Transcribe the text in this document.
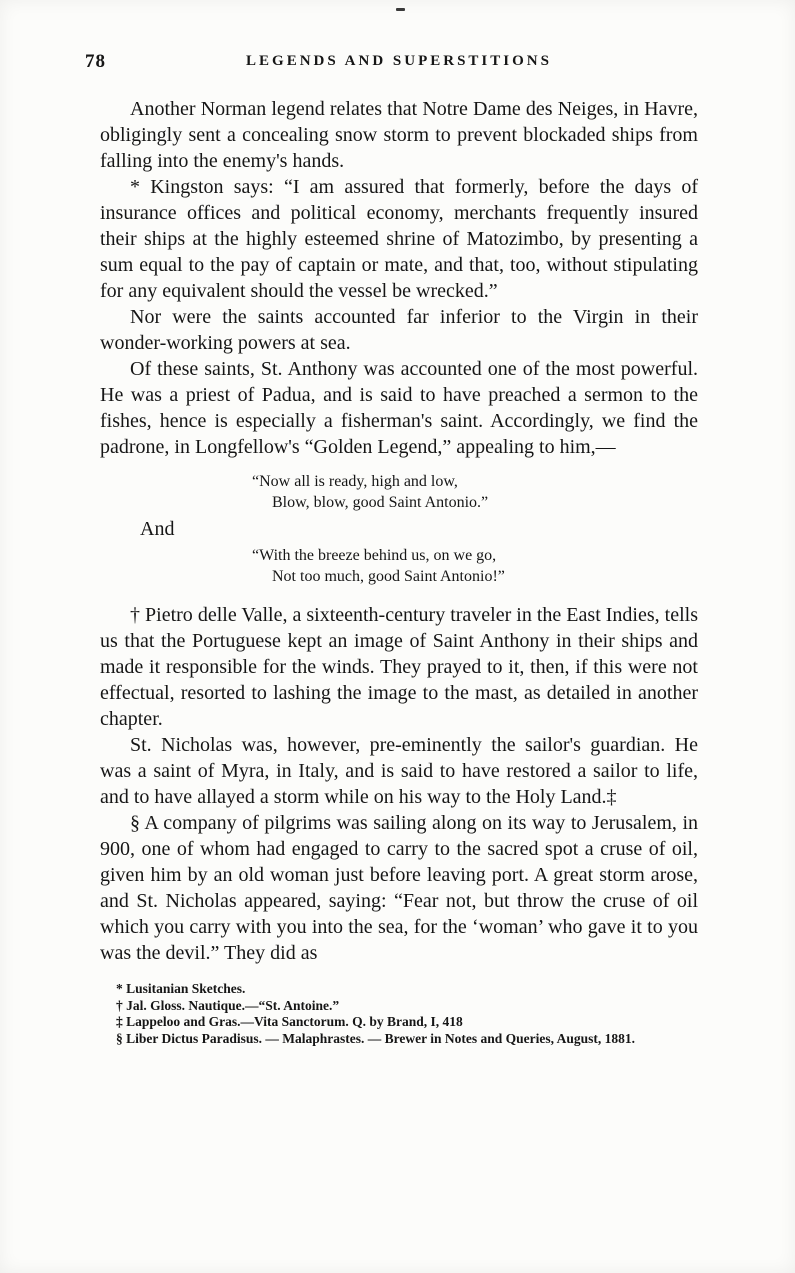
78	LEGENDS AND SUPERSTITIONS

Another Norman legend relates that Notre Dame des Neiges, in Havre, obligingly sent a concealing snow storm to prevent blockaded ships from falling into the enemy's hands.

* Kingston says: “I am assured that formerly, before the days of insurance offices and political economy, merchants frequently insured their ships at the highly esteemed shrine of Matozimbo, by presenting a sum equal to the pay of captain or mate, and that, too, without stipulating for any equivalent should the vessel be wrecked.”

Nor were the saints accounted far inferior to the Virgin in their wonder-working powers at sea.

Of these saints, St. Anthony was accounted one of the most powerful. He was a priest of Padua, and is said to have preached a sermon to the fishes, hence is especially a fisherman's saint. Accordingly, we find the padrone, in Longfellow's “Golden Legend,” appealing to him,—

“Now all is ready, high and low,
Blow, blow, good Saint Antonio.”
And
“With the breeze behind us, on we go,
Not too much, good Saint Antonio!”

† Pietro delle Valle, a sixteenth-century traveler in the East Indies, tells us that the Portuguese kept an image of Saint Anthony in their ships and made it responsible for the winds. They prayed to it, then, if this were not effectual, resorted to lashing the image to the mast, as detailed in another chapter.

St. Nicholas was, however, pre-eminently the sailor's guardian. He was a saint of Myra, in Italy, and is said to have restored a sailor to life, and to have allayed a storm while on his way to the Holy Land.‡

§ A company of pilgrims was sailing along on its way to Jerusalem, in 900, one of whom had engaged to carry to the sacred spot a cruse of oil, given him by an old woman just before leaving port. A great storm arose, and St. Nicholas appeared, saying: “Fear not, but throw the cruse of oil which you carry with you into the sea, for the ‘woman’ who gave it to you was the devil.” They did as

* Lusitanian Sketches.
† Jal. Gloss. Nautique.—“St. Antoine.”
‡ Lappeloo and Gras.—Vita Sanctorum. Q. by Brand, I, 418
§ Liber Dictus Paradisus. — Malaphrastes. — Brewer in Notes and Queries, August, 1881.
